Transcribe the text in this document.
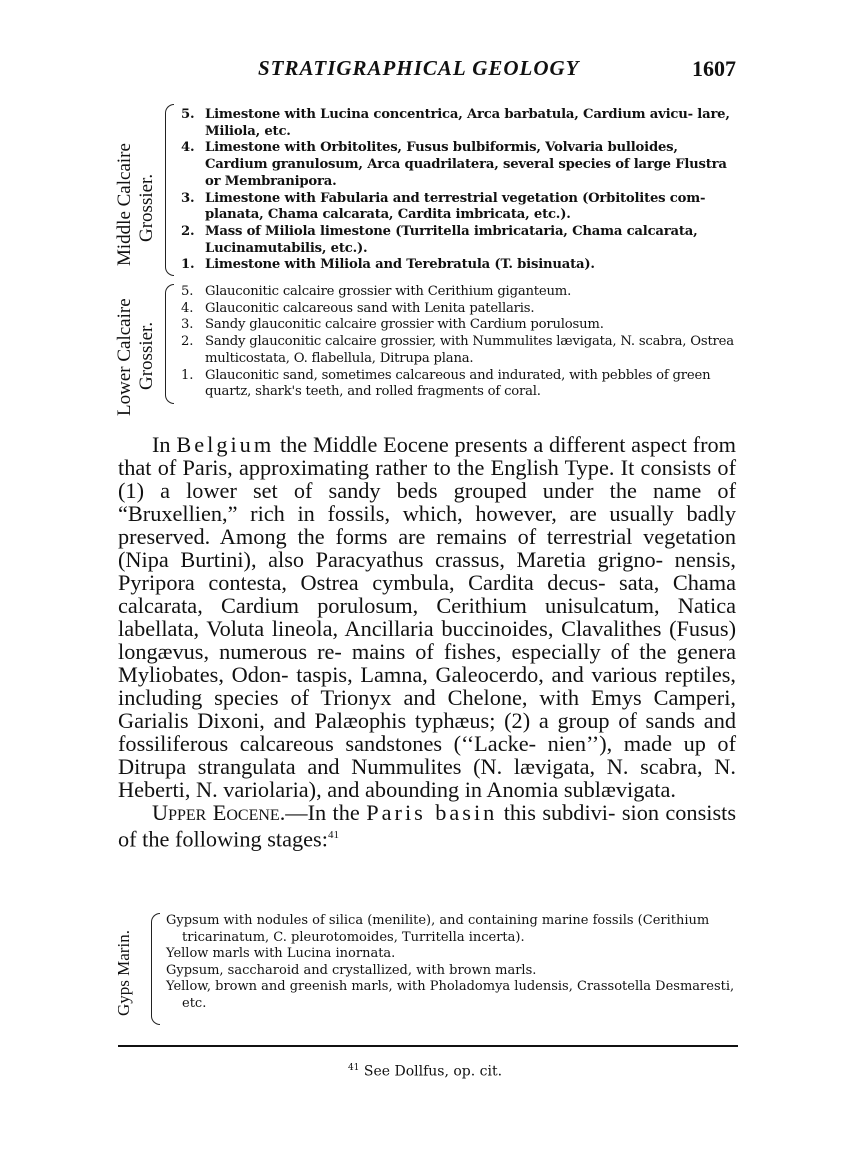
STRATIGRAPHICAL GEOLOGY	1607
Middle Calcaire Grossier.
5. Limestone with Lucina concentrica, Arca barbatula, Cardium avicu- lare, Miliola, etc.
4. Limestone with Orbitolites, Fusus bulbiformis, Volvaria bulloides, Cardium granulosum, Arca quadrilatera, several species of large Flustra or Membranipora.
3. Limestone with Fabularia and terrestrial vegetation (Orbitolites com- planata, Chama calcarata, Cardita imbricata, etc.).
2. Mass of Miliola limestone (Turritella imbricataria, Chama calcarata, Lucinamutabilis, etc.).
1. Limestone with Miliola and Terebratula (T. bisinuata).
Lower Calcaire Grossier.
5. Glauconitic calcaire grossier with Cerithium giganteum.
4. Glauconitic calcareous sand with Lenita patellaris.
3. Sandy glauconitic calcaire grossier with Cardium porulosum.
2. Sandy glauconitic calcaire grossier, with Nummulites lævigata, N. scabra, Ostrea multicostata, O. flabellula, Ditrupa plana.
1. Glauconitic sand, sometimes calcareous and indurated, with pebbles of green quartz, shark's teeth, and rolled fragments of coral.

In Belgium the Middle Eocene presents a different aspect from that of Paris, approximating rather to the English Type. It consists of (1) a lower set of sandy beds grouped under the name of “Bruxellien,” rich in fossils, which, however, are usually badly preserved. Among the forms are remains of terrestrial vegetation (Nipa Burtini), also Paracyathus crassus, Maretia grigno- nensis, Pyripora contesta, Ostrea cymbula, Cardita decus- sata, Chama calcarata, Cardium porulosum, Cerithium unisulcatum, Natica labellata, Voluta lineola, Ancillaria buccinoides, Clavalithes (Fusus) longævus, numerous re- mains of fishes, especially of the genera Myliobates, Odon- taspis, Lamna, Galeocerdo, and various reptiles, including species of Trionyx and Chelone, with Emys Camperi, Garialis Dixoni, and Palæophis typhæus; (2) a group of sands and fossiliferous calcareous sandstones (‘‘Lacke- nien’’), made up of Ditrupa strangulata and Nummulites (N. lævigata, N. scabra, N. Heberti, N. variolaria), and abounding in Anomia sublævigata.

Upper Eocene.—In the Paris basin this subdivi- sion consists of the following stages:$^{41}$

Gyps Marin.
Gypsum with nodules of silica (menilite), and containing marine fossils (Cerithium tricarinatum, C. pleurotomoides, Turritella incerta).
Yellow marls with Lucina inornata.
Gypsum, saccharoid and crystallized, with brown marls.
Yellow, brown and greenish marls, with Pholadomya ludensis, Crassotella Desmaresti, etc.
$^{41}$ See Dollfus, op. cit.
